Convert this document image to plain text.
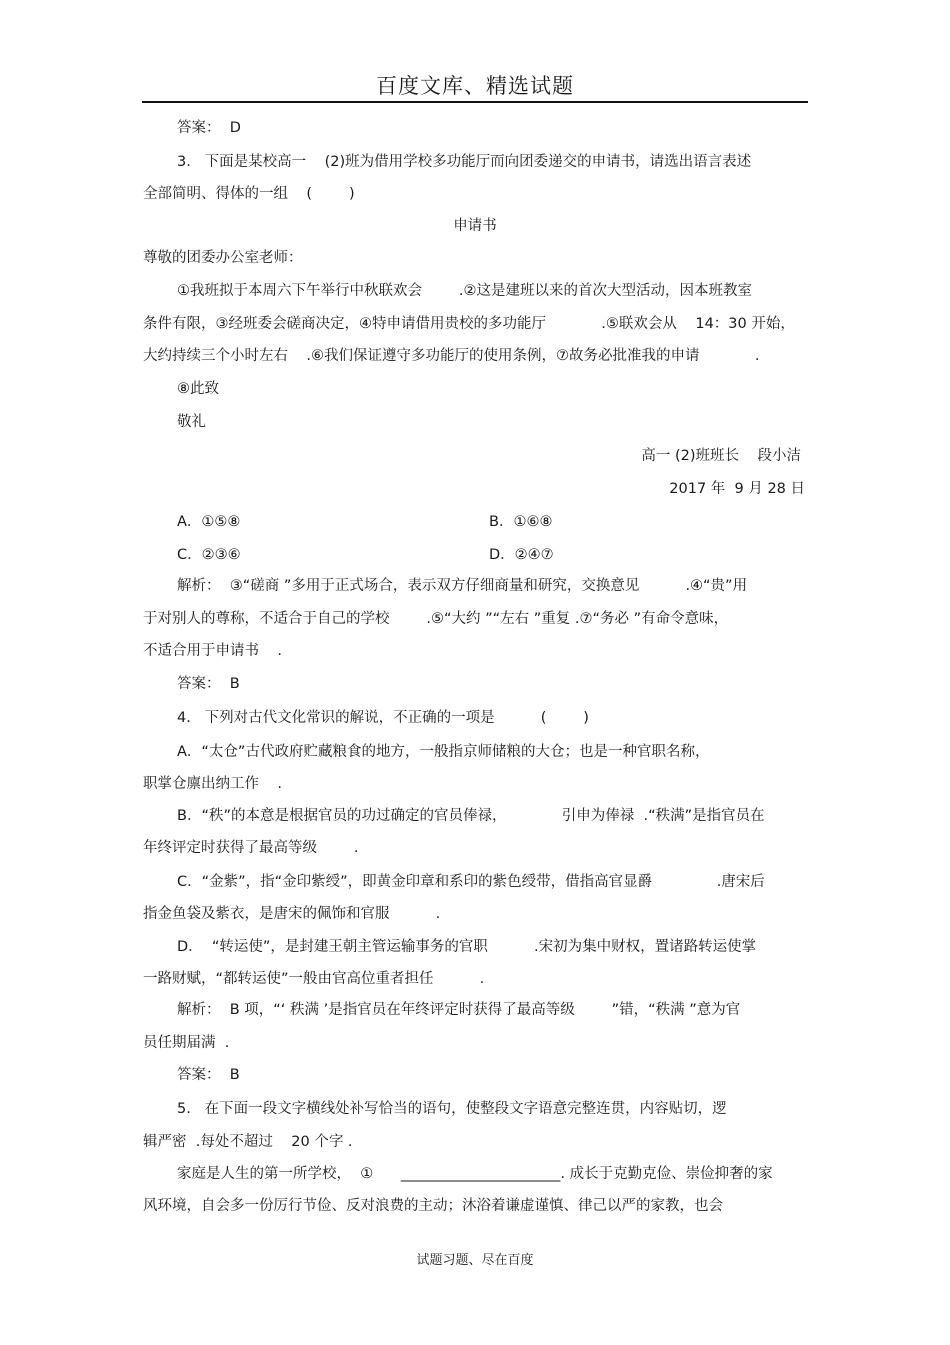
百度文库、精选试题
答案：  D
3.   下面是某校高一    (2)班为借用学校多功能厅而向团委递交的申请书，请选出语言表述
全部简明、得体的一组    (        )
申请书
尊敬的团委办公室老师：
①我班拟于本周六下午举行中秋联欢会        .②这是建班以来的首次大型活动，因本班教室
条件有限，③经班委会磋商决定，④特申请借用贵校的多功能厅            .⑤联欢会从    14：30 开始，
大约持续三个小时左右    .⑥我们保证遵守多功能厅的使用条例，⑦故务必批准我的申请            .
⑧此致
敬礼
高一 (2)班班长    段小洁
2017 年  9 月 28 日
A．①⑤⑧	B．①⑥⑧
C．②③⑥	D．②④⑦
解析：  ③“磋商 ”多用于正式场合，表示双方仔细商量和研究，交换意见          .④“贵”用
于对别人的尊称，不适合于自己的学校        .⑤“大约 ”“左右 ”重复 .⑦“务必 ”有命令意味，
不适合用于申请书    .
答案：  B
4.   下列对古代文化常识的解说，不正确的一项是          (        )
A．“太仓”古代政府贮藏粮食的地方，一般指京师储粮的大仓；也是一种官职名称，
职掌仓廪出纳工作    .
B．“秩”的本意是根据官员的功过确定的官员俸禄，            引申为俸禄  .“秩满”是指官员在
年终评定时获得了最高等级        .
C．“金紫”，指“金印紫绶”，即黄金印章和系印的紫色绶带，借指高官显爵              .唐宋后
指金鱼袋及紫衣，是唐宋的佩饰和官服          .
D．  “转运使”，是封建王朝主管运输事务的官职          .宋初为集中财权，置诸路转运使掌
一路财赋，“都转运使”一般由官高位重者担任          .
解析：  B 项，“‘ 秩满 ’是指官员在年终评定时获得了最高等级        ”错，“秩满 ”意为官
员任期届满  .
答案：  B
5.   在下面一段文字横线处补写恰当的语句，使整段文字语意完整连贯，内容贴切，逻
辑严密  .每处不超过    20 个字 .
家庭是人生的第一所学校，  ①      ______________________. 成长于克勤克俭、崇俭抑奢的家
风环境，自会多一份厉行节俭、反对浪费的主动；沐浴着谦虚谨慎、律己以严的家教，也会
试题习题、尽在百度
